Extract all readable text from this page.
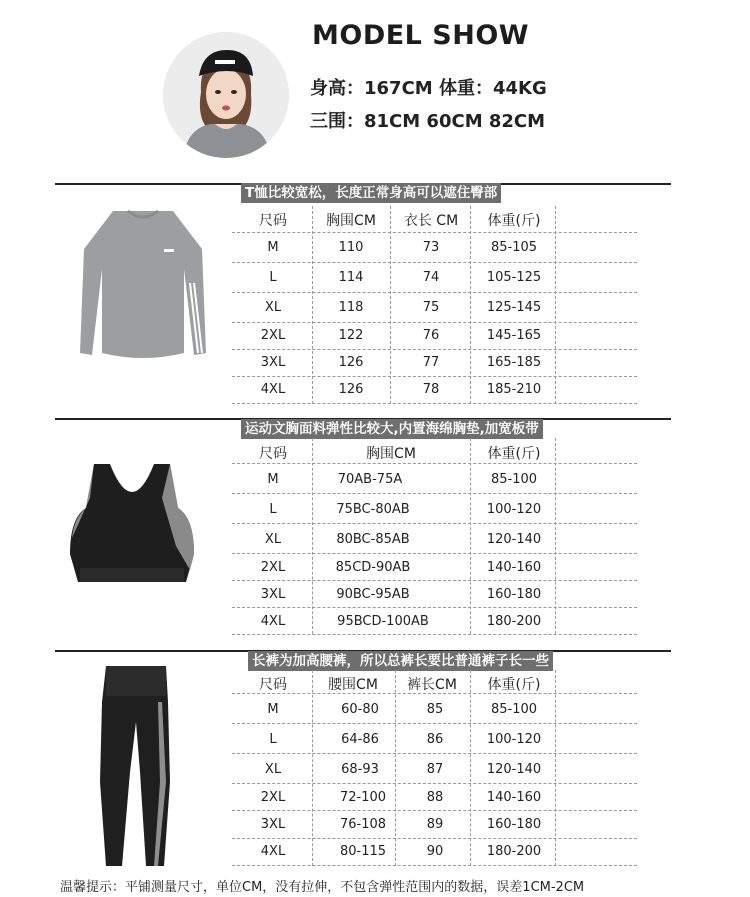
MODEL SHOW
身高：167CM 体重：44KG
三围：81CM 60CM 82CM
T恤比较宽松，长度正常身高可以遮住臀部
尺码	胸围CM	衣长 CM	体重(斤)
M	110	73	85-105
L	114	74	105-125
XL	118	75	125-145
2XL	122	76	145-165
3XL	126	77	165-185
4XL	126	78	185-210
运动文胸面料弹性比较大,内置海绵胸垫,加宽板带
尺码	胸围CM	体重(斤)
M	70AB-75A	85-100
L	75BC-80AB	100-120
XL	80BC-85AB	120-140
2XL	85CD-90AB	140-160
3XL	90BC-95AB	160-180
4XL	95BCD-100AB	180-200
长裤为加高腰裤，所以总裤长要比普通裤子长一些
尺码	腰围CM	裤长CM	体重(斤)
M	60-80	85	85-100
L	64-86	86	100-120
XL	68-93	87	120-140
2XL	72-100	88	140-160
3XL	76-108	89	160-180
4XL	80-115	90	180-200
温馨提示：平铺测量尺寸，单位CM，没有拉伸，不包含弹性范围内的数据，误差1CM-2CM
